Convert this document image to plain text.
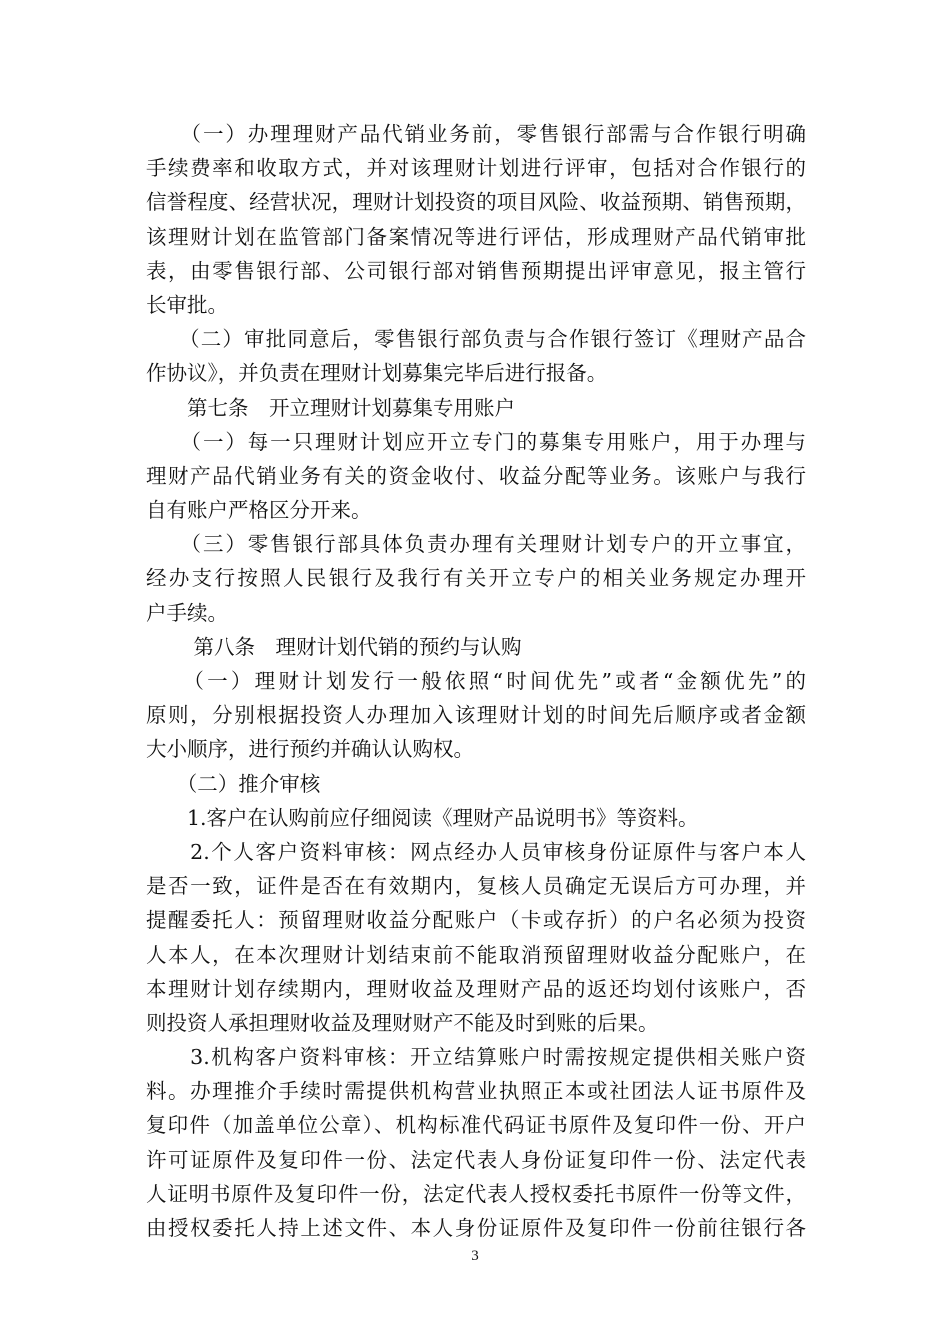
　　（一）办理理财产品代销业务前，零售银行部需与合作银行明确
手续费率和收取方式，并对该理财计划进行评审，包括对合作银行的
信誉程度、经营状况，理财计划投资的项目风险、收益预期、销售预期，
该理财计划在监管部门备案情况等进行评估，形成理财产品代销审批
表，由零售银行部、公司银行部对销售预期提出评审意见，报主管行
长审批。
　　（二）审批同意后，零售银行部负责与合作银行签订《理财产品合
作协议》，并负责在理财计划募集完毕后进行报备。
　　第七条　开立理财计划募集专用账户
　　（一）每一只理财计划应开立专门的募集专用账户，用于办理与
理财产品代销业务有关的资金收付、收益分配等业务。该账户与我行
自有账户严格区分开来。
　　（三）零售银行部具体负责办理有关理财计划专户的开立事宜，
经办支行按照人民银行及我行有关开立专户的相关业务规定办理开
户手续。
　　 第八条　理财计划代销的预约与认购
　　（一）理财计划发行一般依照“时间优先”或者“金额优先”的
原则，分别根据投资人办理加入该理财计划的时间先后顺序或者金额
大小顺序，进行预约并确认认购权。
　　（二）推介审核
　　1.客户在认购前应仔细阅读《理财产品说明书》等资料。
　　2.个人客户资料审核：网点经办人员审核身份证原件与客户本人
是否一致，证件是否在有效期内，复核人员确定无误后方可办理，并
提醒委托人：预留理财收益分配账户（卡或存折）的户名必须为投资
人本人，在本次理财计划结束前不能取消预留理财收益分配账户，在
本理财计划存续期内，理财收益及理财产品的返还均划付该账户，否
则投资人承担理财收益及理财财产不能及时到账的后果。
　　3.机构客户资料审核：开立结算账户时需按规定提供相关账户资
料。办理推介手续时需提供机构营业执照正本或社团法人证书原件及
复印件（加盖单位公章）、机构标准代码证书原件及复印件一份、开户
许可证原件及复印件一份、法定代表人身份证复印件一份、法定代表
人证明书原件及复印件一份，法定代表人授权委托书原件一份等文件，
由授权委托人持上述文件、本人身份证原件及复印件一份前往银行各
3
